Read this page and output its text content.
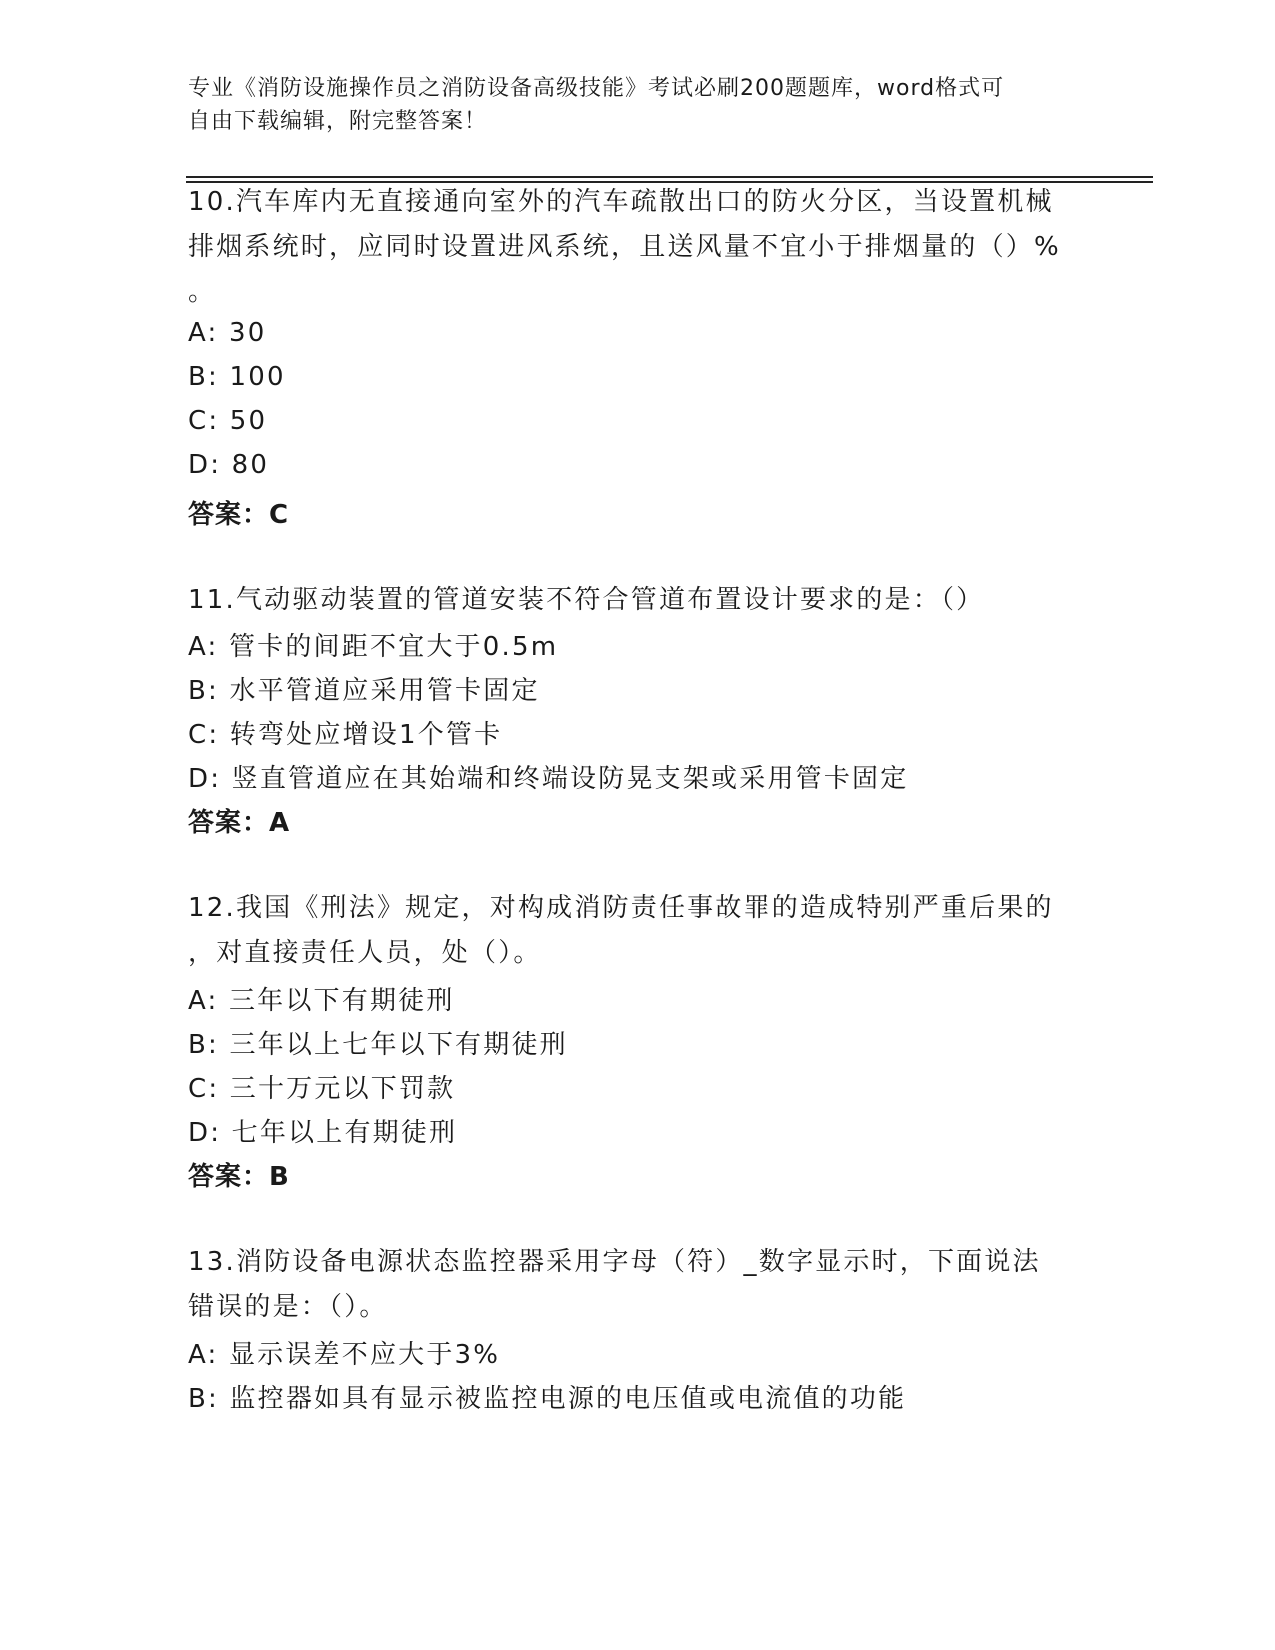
专业《消防设施操作员之消防设备高级技能》考试必刷200题题库，word格式可
自由下载编辑，附完整答案！
10.汽车库内无直接通向室外的汽车疏散出口的防火分区，当设置机械
排烟系统时，应同时设置进风系统，且送风量不宜小于排烟量的（）%
。
A: 30
B: 100
C: 50
D: 80
答案：C
11.气动驱动装置的管道安装不符合管道布置设计要求的是：（）
A: 管卡的间距不宜大于0.5m
B: 水平管道应采用管卡固定
C: 转弯处应增设1个管卡
D: 竖直管道应在其始端和终端设防晃支架或采用管卡固定
答案：A
12.我国《刑法》规定，对构成消防责任事故罪的造成特别严重后果的
，对直接责任人员，处（）。
A: 三年以下有期徒刑
B: 三年以上七年以下有期徒刑
C: 三十万元以下罚款
D: 七年以上有期徒刑
答案：B
13.消防设备电源状态监控器采用字母（符）_数字显示时，下面说法
错误的是：（）。
A: 显示误差不应大于3%
B: 监控器如具有显示被监控电源的电压值或电流值的功能
